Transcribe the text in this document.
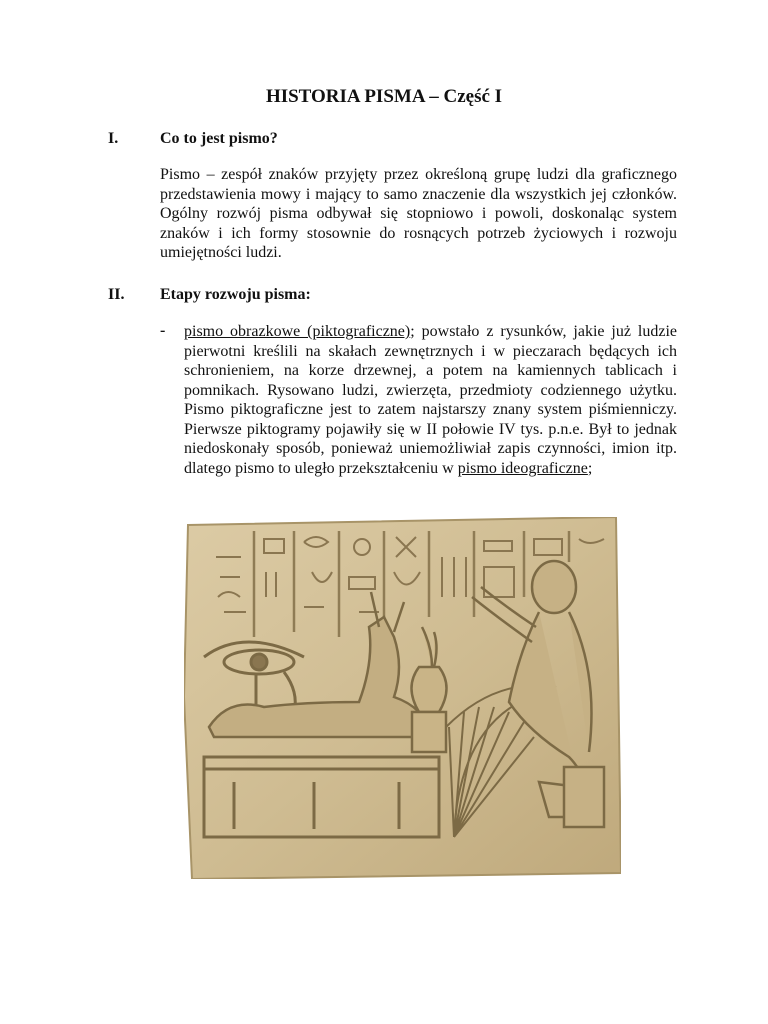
HISTORIA PISMA – Część I
I.	Co to jest pismo?

Pismo – zespół znaków przyjęty przez określoną grupę ludzi dla graficznego przedstawienia mowy i mający to samo znaczenie dla wszystkich jej członków. Ogólny rozwój pisma odbywał się stopniowo i powoli, doskonaląc system znaków i ich formy stosownie do rosnących potrzeb życiowych i rozwoju umiejętności ludzi.

II. Etapy rozwoju pisma:
- pismo obrazkowe (piktograficzne); powstało z rysunków, jakie już ludzie pierwotni kreślili na skałach zewnętrznych i w pieczarach będących ich schronieniem, na korze drzewnej, a potem na kamiennych tablicach i pomnikach. Rysowano ludzi, zwierzęta, przedmioty codziennego użytku. Pismo piktograficzne jest to zatem najstarszy znany system piśmienniczy. Pierwsze piktogramy pojawiły się w II połowie IV tys. p.n.e. Był to jednak niedoskonały sposób, ponieważ uniemożliwiał zapis czynności, imion itp. dlatego pismo to uległo przekształceniu w pismo ideograficzne;
